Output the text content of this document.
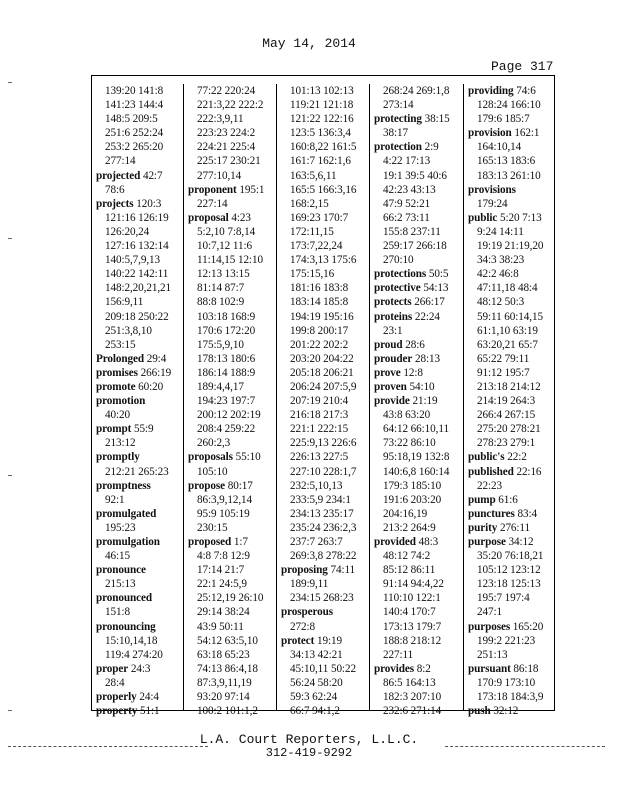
May 14, 2014
Page 317
139:20 141:8
141:23 144:4
148:5 209:5
251:6 252:24
253:2 265:20
277:14
projected 42:7
78:6
projects 120:3
121:16 126:19
126:20,24
127:16 132:14
140:5,7,9,13
140:22 142:11
148:2,20,21,21
156:9,11
209:18 250:22
251:3,8,10
253:15
Prolonged 29:4
promises 266:19
promote 60:20
promotion
40:20
prompt 55:9
213:12
promptly
212:21 265:23
promptness
92:1
promulgated
195:23
promulgation
46:15
pronounce
215:13
pronounced
151:8
pronouncing
15:10,14,18
119:4 274:20
proper 24:3
28:4
properly 24:4
property 51:1
77:22 220:24
221:3,22 222:2
222:3,9,11
223:23 224:2
224:21 225:4
225:17 230:21
277:10,14
proponent 195:1
227:14
proposal 4:23
5:2,10 7:8,14
10:7,12 11:6
11:14,15 12:10
12:13 13:15
81:14 87:7
88:8 102:9
103:18 168:9
170:6 172:20
175:5,9,10
178:13 180:6
186:14 188:9
189:4,4,17
194:23 197:7
200:12 202:19
208:4 259:22
260:2,3
proposals 55:10
105:10
propose 80:17
86:3,9,12,14
95:9 105:19
230:15
proposed 1:7
4:8 7:8 12:9
17:14 21:7
22:1 24:5,9
25:12,19 26:10
29:14 38:24
43:9 50:11
54:12 63:5,10
63:18 65:23
74:13 86:4,18
87:3,9,11,19
93:20 97:14
100:2 101:1,2
101:13 102:13
119:21 121:18
121:22 122:16
123:5 136:3,4
160:8,22 161:5
161:7 162:1,6
163:5,6,11
165:5 166:3,16
168:2,15
169:23 170:7
172:11,15
173:7,22,24
174:3,13 175:6
175:15,16
181:16 183:8
183:14 185:8
194:19 195:16
199:8 200:17
201:22 202:2
203:20 204:22
205:18 206:21
206:24 207:5,9
207:19 210:4
216:18 217:3
221:1 222:15
225:9,13 226:6
226:13 227:5
227:10 228:1,7
232:5,10,13
233:5,9 234:1
234:13 235:17
235:24 236:2,3
237:7 263:7
269:3,8 278:22
proposing 74:11
189:9,11
234:15 268:23
prosperous
272:8
protect 19:19
34:13 42:21
45:10,11 50:22
56:24 58:20
59:3 62:24
66:7 94:1,2
268:24 269:1,8
273:14
protecting 38:15
38:17
protection 2:9
4:22 17:13
19:1 39:5 40:6
42:23 43:13
47:9 52:21
66:2 73:11
155:8 237:11
259:17 266:18
270:10
protections 50:5
protective 54:13
protects 266:17
proteins 22:24
23:1
proud 28:6
prouder 28:13
prove 12:8
proven 54:10
provide 21:19
43:8 63:20
64:12 66:10,11
73:22 86:10
95:18,19 132:8
140:6,8 160:14
179:3 185:10
191:6 203:20
204:16,19
213:2 264:9
provided 48:3
48:12 74:2
85:12 86:11
91:14 94:4,22
110:10 122:1
140:4 170:7
173:13 179:7
188:8 218:12
227:11
provides 8:2
86:5 164:13
182:3 207:10
232:6 271:14
providing 74:6
128:24 166:10
179:6 185:7
provision 162:1
164:10,14
165:13 183:6
183:13 261:10
provisions
179:24
public 5:20 7:13
9:24 14:11
19:19 21:19,20
34:3 38:23
42:2 46:8
47:11,18 48:4
48:12 50:3
59:11 60:14,15
61:1,10 63:19
63:20,21 65:7
65:22 79:11
91:12 195:7
213:18 214:12
214:19 264:3
266:4 267:15
275:20 278:21
278:23 279:1
public's 22:2
published 22:16
22:23
pump 61:6
punctures 83:4
purity 276:11
purpose 34:12
35:20 76:18,21
105:12 123:12
123:18 125:13
195:7 197:4
247:1
purposes 165:20
199:2 221:23
251:13
pursuant 86:18
170:9 173:10
173:18 184:3,9
push 32:12
L.A. Court Reporters, L.L.C.
312-419-9292
